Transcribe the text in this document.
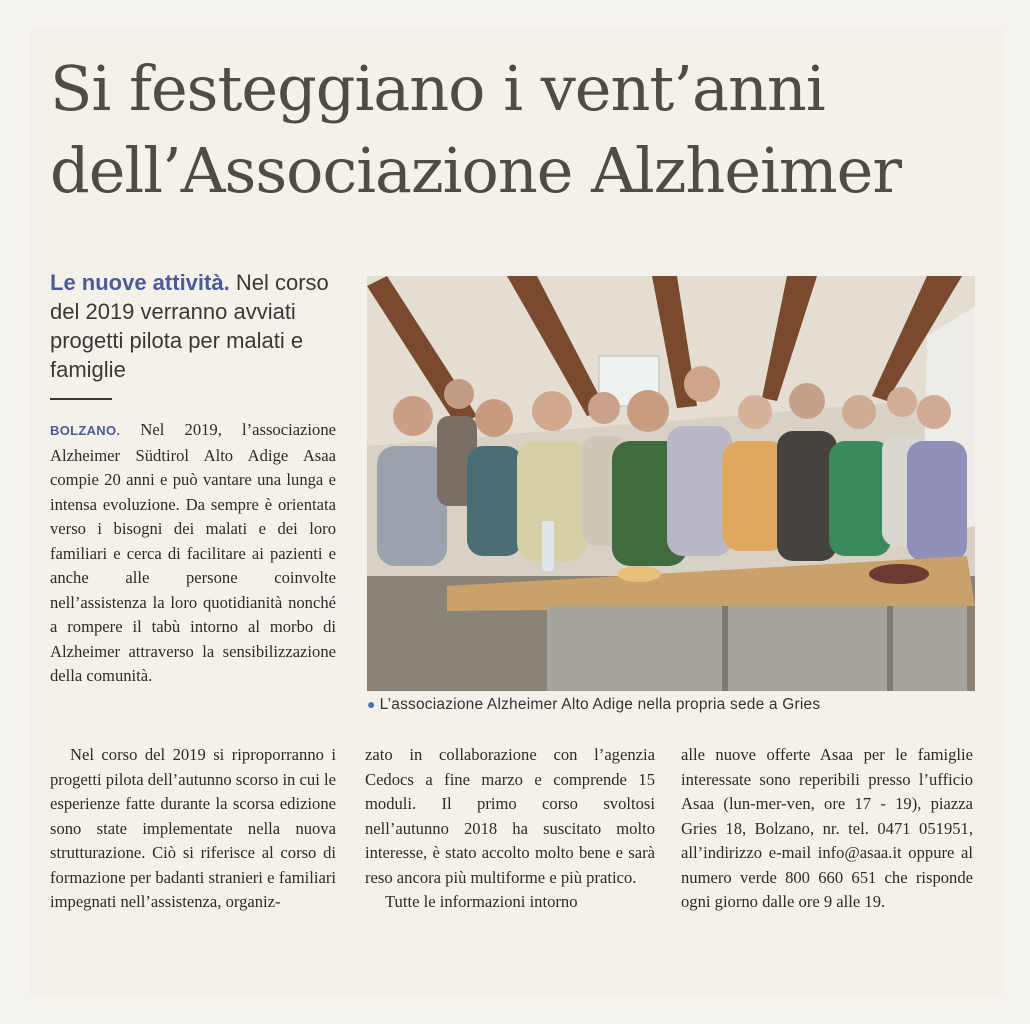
Si festeggiano i vent’anni
dell’Associazione Alzheimer
Le nuove attività. Nel corso del 2019 verranno avviati progetti pilota per malati e famiglie
BOLZANO. Nel 2019, l’associazione Alzheimer Südtirol Alto Adige Asaa compie 20 anni e può vantare una lunga e intensa evoluzione. Da sempre è orientata verso i bisogni dei malati e dei loro familiari e cerca di facilitare ai pazienti e anche alle persone coinvolte nell’assistenza la loro quotidianità nonché a rompere il tabù intorno al morbo di Alzheimer attraverso la sensibilizzazione della comunità.
Nel corso del 2019 si riproporranno i progetti pilota dell’autunno scorso in cui le esperienze fatte durante la scorsa edizione sono state implementate nella nuova strutturazione. Ciò si riferisce al corso di formazione per badanti stranieri e familiari impegnati nell’assistenza, organiz-
zato in collaborazione con l’agenzia Cedocs a fine marzo e comprende 15 moduli. Il primo corso svoltosi nell’autunno 2018 ha suscitato molto interesse, è stato accolto molto bene e sarà reso ancora più multiforme e più pratico.
Tutte le informazioni intorno
alle nuove offerte Asaa per le famiglie interessate sono reperibili presso l’ufficio Asaa (lun-mer-ven, ore 17 - 19), piazza Gries 18, Bolzano, nr. tel. 0471 051951, all’indirizzo e-mail info@asaa.it oppure al numero verde 800 660 651 che risponde ogni giorno dalle ore 9 alle 19.
● L’associazione Alzheimer Alto Adige nella propria sede a Gries
